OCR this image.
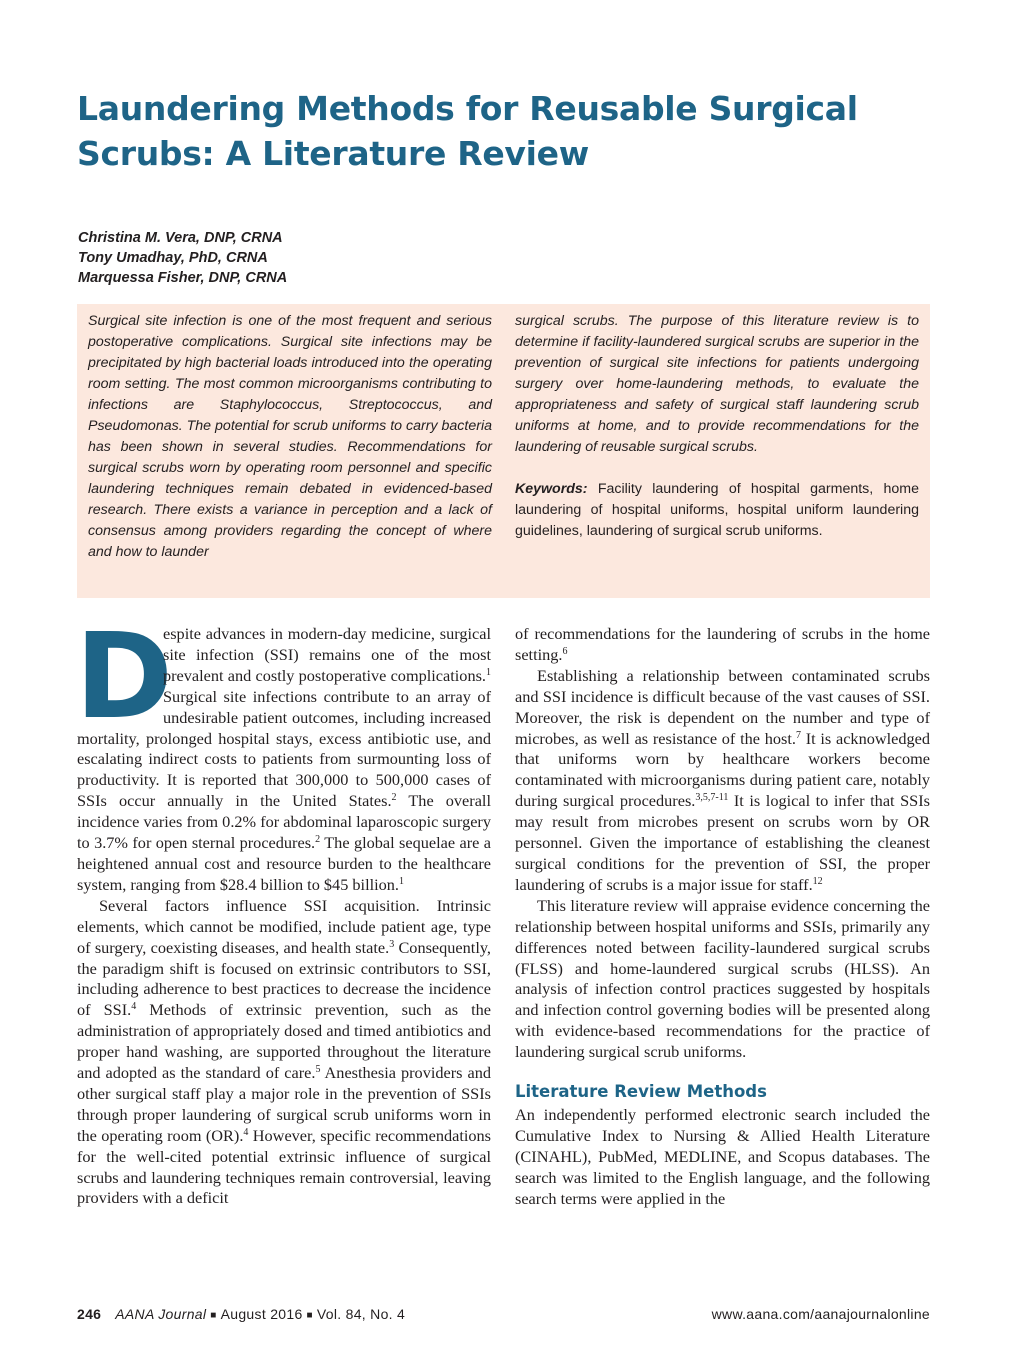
Laundering Methods for Reusable Surgical
Scrubs: A Literature Review
Christina M. Vera, DNP, CRNA
Tony Umadhay, PhD, CRNA
Marquessa Fisher, DNP, CRNA
Surgical site infection is one of the most frequent and serious postoperative complications. Surgical site infections may be precipitated by high bacterial loads introduced into the operating room setting. The most common microorganisms contributing to infections are Staphylococcus, Streptococcus, and Pseudomonas. The potential for scrub uniforms to carry bacteria has been shown in several studies. Recommendations for surgical scrubs worn by operating room personnel and specific laundering techniques remain debated in evidenced-based research. There exists a variance in perception and a lack of consensus among providers regarding the concept of where and how to launder

surgical scrubs. The purpose of this literature review is to determine if facility-laundered surgical scrubs are superior in the prevention of surgical site infections for patients undergoing surgery over home-laundering methods, to evaluate the appropriateness and safety of surgical staff laundering scrub uniforms at home, and to provide recommendations for the laundering of reusable surgical scrubs.

Keywords: Facility laundering of hospital garments, home laundering of hospital uniforms, hospital uniform laundering guidelines, laundering of surgical scrub uniforms.

D
espite advances in modern-day medicine, surgical site infection (SSI) remains one of the most prevalent and costly postoperative complications.$^1$ Surgical site infections contribute to an array of undesirable patient outcomes, including increased mortality, prolonged hospital stays, excess antibiotic use, and escalating indirect costs to patients from surmounting loss of productivity. It is reported that 300,000 to 500,000 cases of SSIs occur annually in the United States.$^2$ The overall incidence varies from 0.2% for abdominal laparoscopic surgery to 3.7% for open sternal procedures.$^2$ The global sequelae are a heightened annual cost and resource burden to the healthcare system, ranging from $28.4 billion to $45 billion.$^1$

Several factors influence SSI acquisition. Intrinsic elements, which cannot be modified, include patient age, type of surgery, coexisting diseases, and health state.$^3$ Consequently, the paradigm shift is focused on extrinsic contributors to SSI, including adherence to best practices to decrease the incidence of SSI.$^4$ Methods of extrinsic prevention, such as the administration of appropriately dosed and timed antibiotics and proper hand washing, are supported throughout the literature and adopted as the standard of care.$^5$ Anesthesia providers and other surgical staff play a major role in the prevention of SSIs through proper laundering of surgical scrub uniforms worn in the operating room (OR).$^4$ However, specific recommendations for the well-cited potential extrinsic influence of surgical scrubs and laundering techniques remain controversial, leaving providers with a deficit

of recommendations for the laundering of scrubs in the home setting.$^6$

Establishing a relationship between contaminated scrubs and SSI incidence is difficult because of the vast causes of SSI. Moreover, the risk is dependent on the number and type of microbes, as well as resistance of the host.$^7$ It is acknowledged that uniforms worn by healthcare workers become contaminated with microorganisms during patient care, notably during surgical procedures.$^{3,5,7-11}$ It is logical to infer that SSIs may result from microbes present on scrubs worn by OR personnel. Given the importance of establishing the cleanest surgical conditions for the prevention of SSI, the proper laundering of scrubs is a major issue for staff.$^{12}$

This literature review will appraise evidence concerning the relationship between hospital uniforms and SSIs, primarily any differences noted between facility-laundered surgical scrubs (FLSS) and home-laundered surgical scrubs (HLSS). An analysis of infection control practices suggested by hospitals and infection control governing bodies will be presented along with evidence-based recommendations for the practice of laundering surgical scrub uniforms.

Literature Review Methods

An independently performed electronic search included the Cumulative Index to Nursing & Allied Health Literature (CINAHL), PubMed, MEDLINE, and Scopus databases. The search was limited to the English language, and the following search terms were applied in the

246 AANA Journal ■ August 2016 ■ Vol. 84, No. 4	www.aana.com/aanajournalonline
